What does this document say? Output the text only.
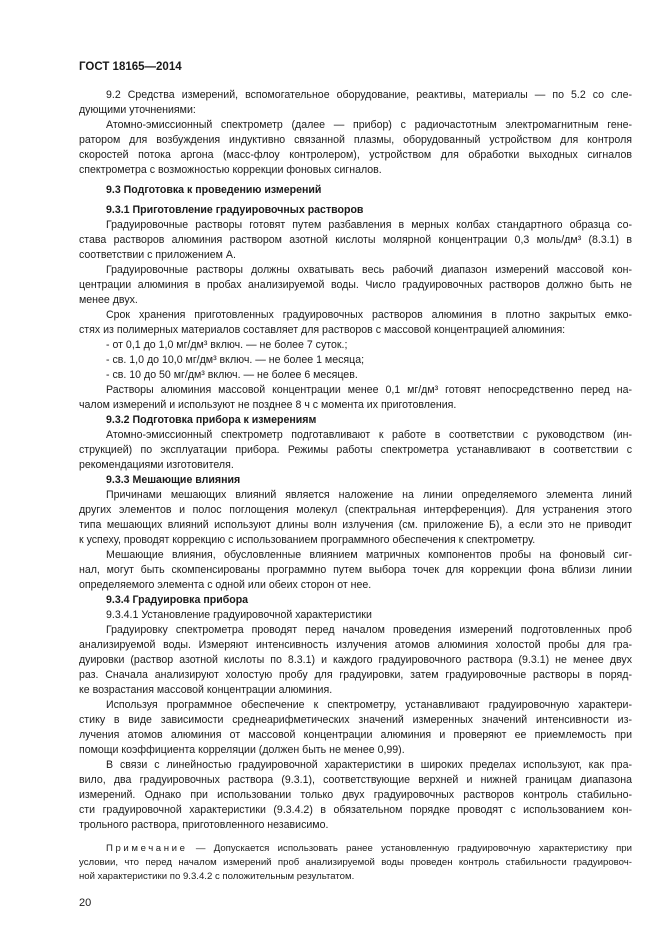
ГОСТ 18165—2014
9.2 Средства измерений, вспомогательное оборудование, реактивы, материалы — по 5.2 со сле-
дующими уточнениями:
Атомно-эмиссионный спектрометр (далее — прибор) с радиочастотным электромагнитным гене-
ратором для возбуждения индуктивно связанной плазмы, оборудованный устройством для контроля
скоростей потока аргона (масс-флоу контролером), устройством для обработки выходных сигналов
спектрометра с возможностью коррекции фоновых сигналов.
9.3 Подготовка к проведению измерений
9.3.1 Приготовление градуировочных растворов
Градуировочные растворы готовят путем разбавления в мерных колбах стандартного образца со-
става растворов алюминия раствором азотной кислоты молярной концентрации 0,3 моль/дм³ (8.3.1) в
соответствии с приложением А.
Градуировочные растворы должны охватывать весь рабочий диапазон измерений массовой кон-
центрации алюминия в пробах анализируемой воды. Число градуировочных растворов должно быть не
менее двух.
Срок хранения приготовленных градуировочных растворов алюминия в плотно закрытых емко-
стях из полимерных материалов составляет для растворов с массовой концентрацией алюминия:
- от 0,1 до 1,0 мг/дм³ включ. — не более 7 суток.;
- св. 1,0 до 10,0 мг/дм³ включ. — не более 1 месяца;
- св. 10 до 50 мг/дм³ включ. — не более 6 месяцев.
Растворы алюминия массовой концентрации менее 0,1 мг/дм³ готовят непосредственно перед на-
чалом измерений и используют не позднее 8 ч с момента их приготовления.
9.3.2 Подготовка прибора к измерениям
Атомно-эмиссионный спектрометр подготавливают к работе в соответствии с руководством (ин-
струкцией) по эксплуатации прибора. Режимы работы спектрометра устанавливают в соответствии с
рекомендациями изготовителя.
9.3.3 Мешающие влияния
Причинами мешающих влияний является наложение на линии определяемого элемента линий
других элементов и полос поглощения молекул (спектральная интерференция). Для устранения этого
типа мешающих влияний используют длины волн излучения (см. приложение Б), а если это не приводит
к успеху, проводят коррекцию с использованием программного обеспечения к спектрометру.
Мешающие влияния, обусловленные влиянием матричных компонентов пробы на фоновый сиг-
нал, могут быть скомпенсированы программно путем выбора точек для коррекции фона вблизи линии
определяемого элемента с одной или обеих сторон от нее.
9.3.4 Градуировка прибора
9.3.4.1 Установление градуировочной характеристики
Градуировку спектрометра проводят перед началом проведения измерений подготовленных проб
анализируемой воды. Измеряют интенсивность излучения атомов алюминия холостой пробы для гра-
дуировки (раствор азотной кислоты по 8.3.1) и каждого градуировочного раствора (9.3.1) не менее двух
раз. Сначала анализируют холостую пробу для градуировки, затем градуировочные растворы в поряд-
ке возрастания массовой концентрации алюминия.
Используя программное обеспечение к спектрометру, устанавливают градуировочную характери-
стику в виде зависимости среднеарифметических значений измеренных значений интенсивности из-
лучения атомов алюминия от массовой концентрации алюминия и проверяют ее приемлемость при
помощи коэффициента корреляции (должен быть не менее 0,99).
В связи с линейностью градуировочной характеристики в широких пределах используют, как пра-
вило, два градуировочных раствора (9.3.1), соответствующие верхней и нижней границам диапазона
измерений. Однако при использовании только двух градуировочных растворов контроль стабильно-
сти градуировочной характеристики (9.3.4.2) в обязательном порядке проводят с использованием кон-
трольного раствора, приготовленного независимо.
Примечание — Допускается использовать ранее установленную градуировочную характеристику при
условии, что перед началом измерений проб анализируемой воды проведен контроль стабильности градуировоч-
ной характеристики по 9.3.4.2 с положительным результатом.
20
